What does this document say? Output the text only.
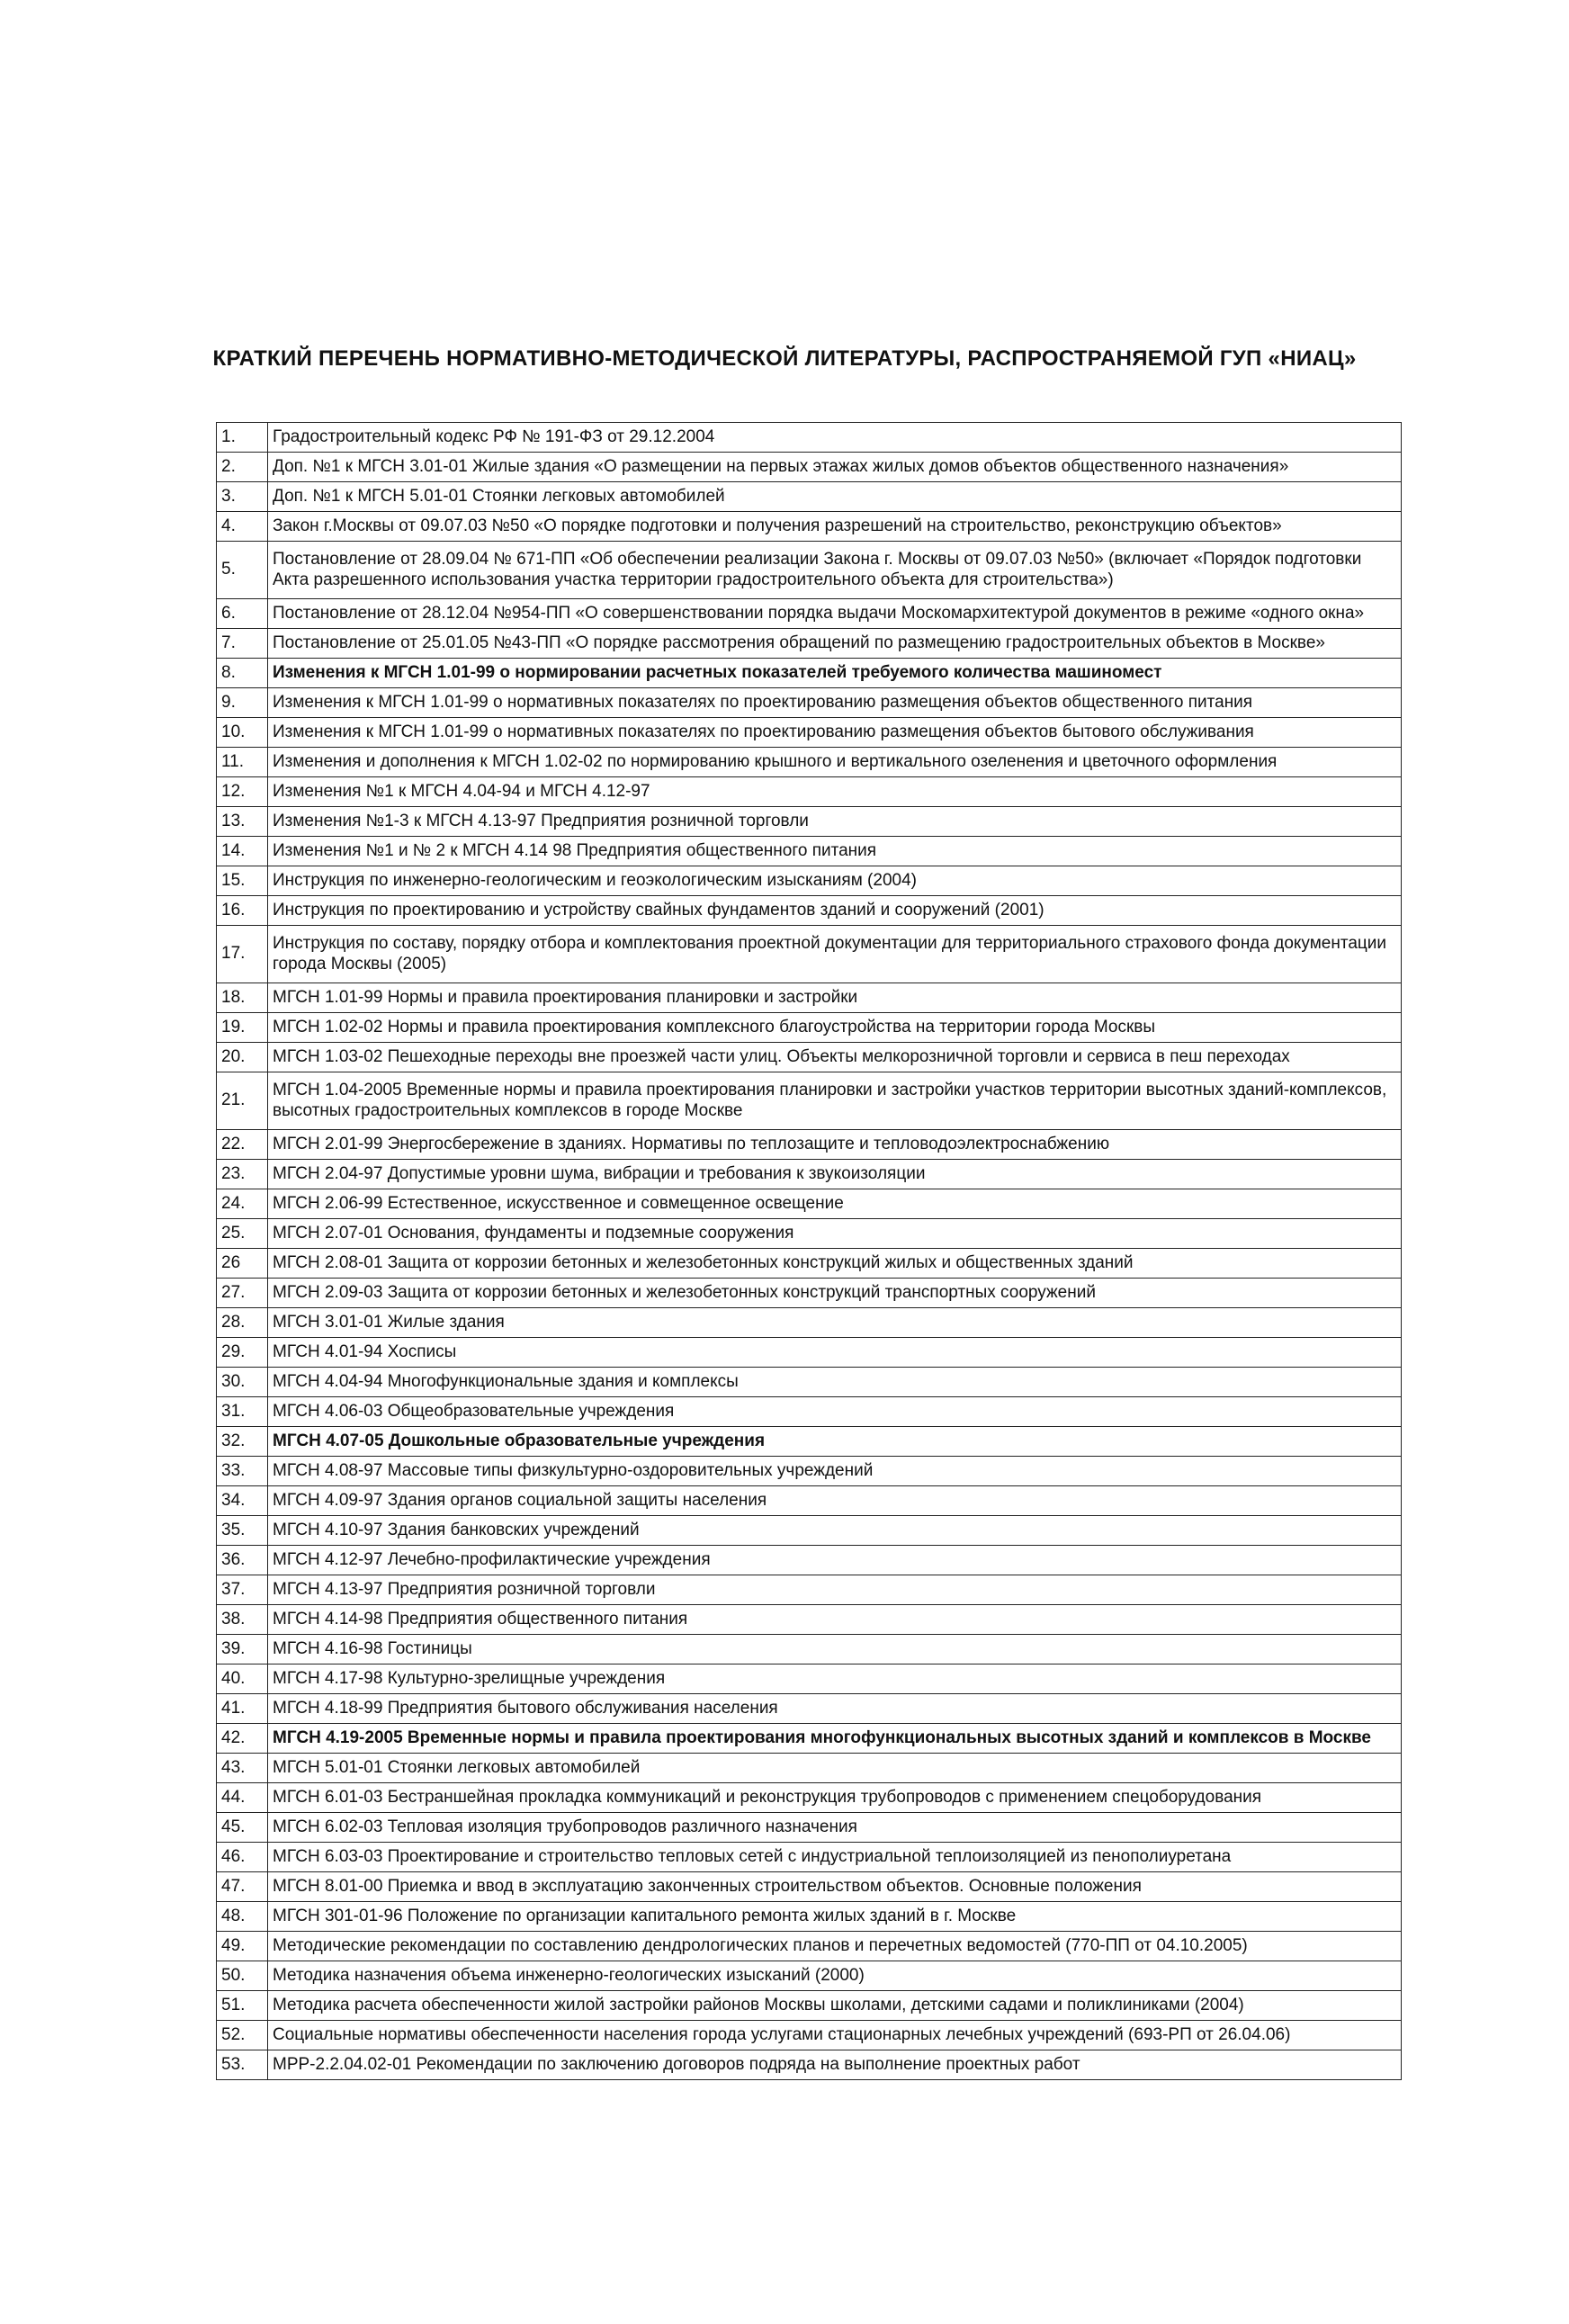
КРАТКИЙ ПЕРЕЧЕНЬ НОРМАТИВНО-МЕТОДИЧЕСКОЙ ЛИТЕРАТУРЫ, РАСПРОСТРАНЯЕМОЙ ГУП «НИАЦ»
1.	Градостроительный кодекс РФ № 191-ФЗ от 29.12.2004
2.	Доп. №1 к МГСН 3.01-01 Жилые здания «О размещении на первых этажах жилых домов объектов общественного назначения»
3.	Доп. №1 к МГСН 5.01-01 Стоянки легковых автомобилей
4.	Закон г.Москвы от 09.07.03 №50 «О порядке подготовки и получения разрешений на строительство, реконструкцию объектов»
5.	Постановление от 28.09.04 № 671-ПП «Об обеспечении реализации Закона г. Москвы от 09.07.03 №50» (включает «Порядок подготовки Акта разрешенного использования участка территории градостроительного объекта для строительства»)
6.	Постановление от 28.12.04 №954-ПП «О совершенствовании порядка выдачи Москомархитектурой документов в режиме «одного окна»
7.	Постановление от 25.01.05 №43-ПП «О порядке рассмотрения обращений по размещению градостроительных объектов в Москве»
8.	Изменения к МГСН 1.01-99 о нормировании расчетных показателей требуемого количества машиномест
9.	Изменения к МГСН 1.01-99 о нормативных показателях по проектированию размещения объектов общественного питания
10.	Изменения к МГСН 1.01-99 о нормативных показателях по проектированию размещения объектов бытового обслуживания
11.	Изменения и дополнения к МГСН 1.02-02 по нормированию крышного и вертикального озеленения и цветочного оформления
12.	Изменения №1 к МГСН 4.04-94 и МГСН 4.12-97
13.	Изменения №1-3 к МГСН 4.13-97 Предприятия розничной торговли
14.	Изменения №1 и № 2 к МГСН 4.14 98 Предприятия общественного питания
15.	Инструкция по инженерно-геологическим и геоэкологическим изысканиям (2004)
16.	Инструкция по проектированию и устройству свайных фундаментов зданий и сооружений (2001)
17.	Инструкция по составу, порядку отбора и комплектования проектной документации для территориального страхового фонда документации города Москвы (2005)
18.	МГСН 1.01-99 Нормы и правила проектирования планировки и застройки
19.	МГСН 1.02-02 Нормы и правила проектирования комплексного благоустройства на территории города Москвы
20.	МГСН 1.03-02 Пешеходные переходы вне проезжей части улиц. Объекты мелкорозничной торговли и сервиса в пеш переходах
21.	МГСН 1.04-2005 Временные нормы и правила проектирования планировки и застройки участков территории высотных зданий-комплексов, высотных градостроительных комплексов в городе Москве
22.	МГСН 2.01-99 Энергосбережение в зданиях. Нормативы по теплозащите и тепловодоэлектроснабжению
23.	МГСН 2.04-97 Допустимые уровни шума, вибрации и требования к звукоизоляции
24.	МГСН 2.06-99 Естественное, искусственное и совмещенное освещение
25.	МГСН 2.07-01 Основания, фундаменты и подземные сооружения
26	МГСН 2.08-01 Защита от коррозии бетонных и железобетонных конструкций жилых и общественных зданий
27.	МГСН 2.09-03 Защита от коррозии бетонных и железобетонных конструкций транспортных сооружений
28.	МГСН 3.01-01 Жилые здания
29.	МГСН 4.01-94 Хосписы
30.	МГСН 4.04-94 Многофункциональные здания и комплексы
31.	МГСН 4.06-03 Общеобразовательные учреждения
32.	МГСН 4.07-05 Дошкольные образовательные учреждения
33.	МГСН 4.08-97 Массовые типы физкультурно-оздоровительных учреждений
34.	МГСН 4.09-97 Здания органов социальной защиты населения
35.	МГСН 4.10-97 Здания банковских учреждений
36.	МГСН 4.12-97 Лечебно-профилактические учреждения
37.	МГСН 4.13-97 Предприятия розничной торговли
38.	МГСН 4.14-98 Предприятия общественного питания
39.	МГСН 4.16-98 Гостиницы
40.	МГСН 4.17-98 Культурно-зрелищные учреждения
41.	МГСН 4.18-99 Предприятия бытового обслуживания населения
42.	МГСН 4.19-2005 Временные нормы и правила проектирования многофункциональных высотных зданий и комплексов в Москве
43.	МГСН 5.01-01 Стоянки легковых автомобилей
44.	МГСН 6.01-03 Бестраншейная прокладка коммуникаций и реконструкция трубопроводов с применением спецоборудования
45.	МГСН 6.02-03 Тепловая изоляция трубопроводов различного назначения
46.	МГСН 6.03-03 Проектирование и строительство тепловых сетей с индустриальной теплоизоляцией из пенополиуретана
47.	МГСН 8.01-00 Приемка и ввод в эксплуатацию законченных строительством объектов. Основные положения
48.	МГСН 301-01-96 Положение по организации капитального ремонта жилых зданий в г. Москве
49.	Методические рекомендации по составлению дендрологических планов и перечетных ведомостей (770-ПП от 04.10.2005)
50.	Методика назначения объема инженерно-геологических изысканий (2000)
51.	Методика расчета обеспеченности жилой застройки районов Москвы школами, детскими садами и поликлиниками (2004)
52.	Социальные нормативы обеспеченности населения города услугами стационарных лечебных учреждений (693-РП от 26.04.06)
53.	МРР-2.2.04.02-01 Рекомендации по заключению договоров подряда на выполнение проектных работ
